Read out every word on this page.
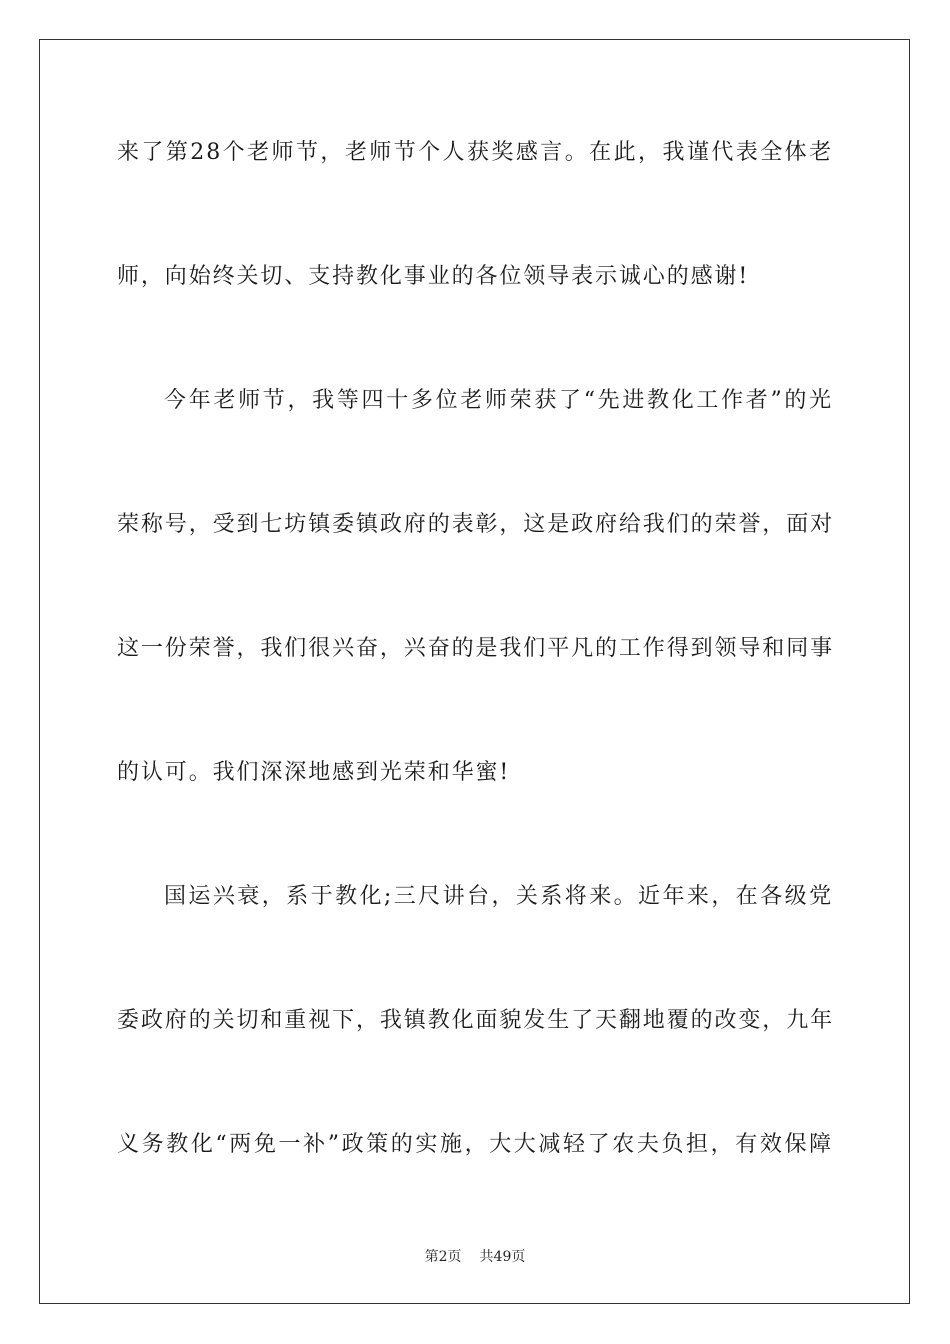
来了第28个老师节，老师节个人获奖感言。在此，我谨代表全体老
师，向始终关切、支持教化事业的各位领导表示诚心的感谢!
今年老师节，我等四十多位老师荣获了“先进教化工作者”的光
荣称号，受到七坊镇委镇政府的表彰，这是政府给我们的荣誉，面对
这一份荣誉，我们很兴奋，兴奋的是我们平凡的工作得到领导和同事
的认可。我们深深地感到光荣和华蜜!
国运兴衰，系于教化;三尺讲台，关系将来。近年来，在各级党
委政府的关切和重视下，我镇教化面貌发生了天翻地覆的改变，九年
义务教化“两免一补”政策的实施，大大减轻了农夫负担，有效保障
第2页 共49页
